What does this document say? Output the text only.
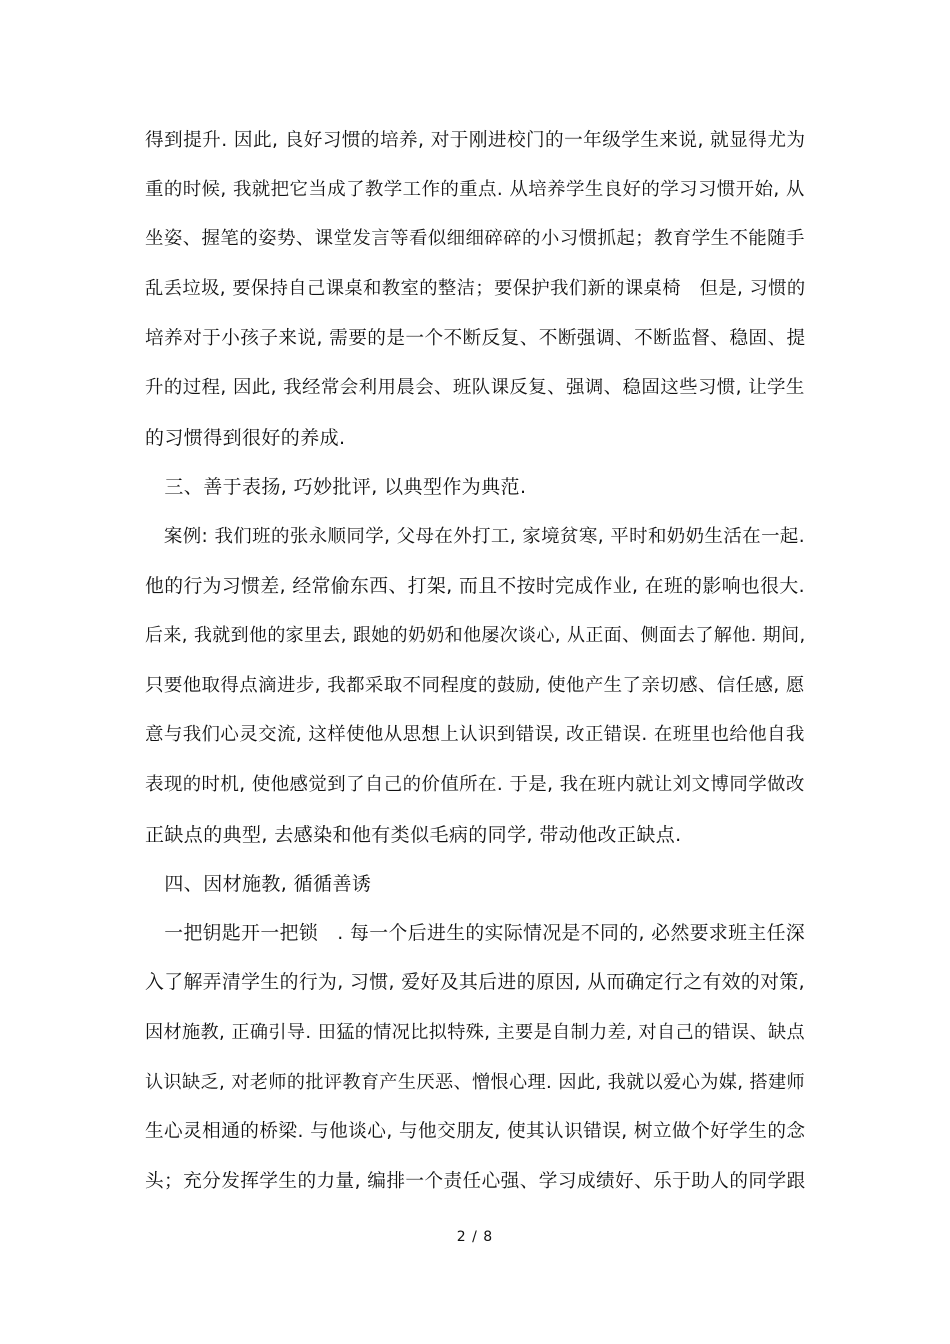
得到提升. 因此, 良好习惯的培养, 对于刚进校门的一年级学生来说, 就显得尤为
重的时候, 我就把它当成了教学工作的重点. 从培养学生良好的学习习惯开始, 从
坐姿、握笔的姿势、课堂发言等看似细细碎碎的小习惯抓起；教育学生不能随手
乱丢垃圾, 要保持自己课桌和教室的整洁；要保护我们新的课桌椅　但是, 习惯的
培养对于小孩子来说, 需要的是一个不断反复、不断强调、不断监督、稳固、提
升的过程, 因此, 我经常会利用晨会、班队课反复、强调、稳固这些习惯, 让学生
的习惯得到很好的养成.
　三、善于表扬, 巧妙批评, 以典型作为典范.
　案例: 我们班的张永顺同学, 父母在外打工, 家境贫寒, 平时和奶奶生活在一起.
他的行为习惯差, 经常偷东西、打架, 而且不按时完成作业, 在班的影响也很大.
后来, 我就到他的家里去, 跟她的奶奶和他屡次谈心, 从正面、侧面去了解他. 期间,
只要他取得点滴进步, 我都采取不同程度的鼓励, 使他产生了亲切感、信任感, 愿
意与我们心灵交流, 这样使他从思想上认识到错误, 改正错误. 在班里也给他自我
表现的时机, 使他感觉到了自己的价值所在. 于是, 我在班内就让刘文博同学做改
正缺点的典型, 去感染和他有类似毛病的同学, 带动他改正缺点.
　四、因材施教, 循循善诱
　一把钥匙开一把锁　. 每一个后进生的实际情况是不同的, 必然要求班主任深
入了解弄清学生的行为, 习惯, 爱好及其后进的原因, 从而确定行之有效的对策,
因材施教, 正确引导. 田猛的情况比拟特殊, 主要是自制力差, 对自己的错误、缺点
认识缺乏, 对老师的批评教育产生厌恶、憎恨心理. 因此, 我就以爱心为媒, 搭建师
生心灵相通的桥梁. 与他谈心, 与他交朋友, 使其认识错误, 树立做个好学生的念
头；充分发挥学生的力量, 编排一个责任心强、学习成绩好、乐于助人的同学跟
2 / 8
